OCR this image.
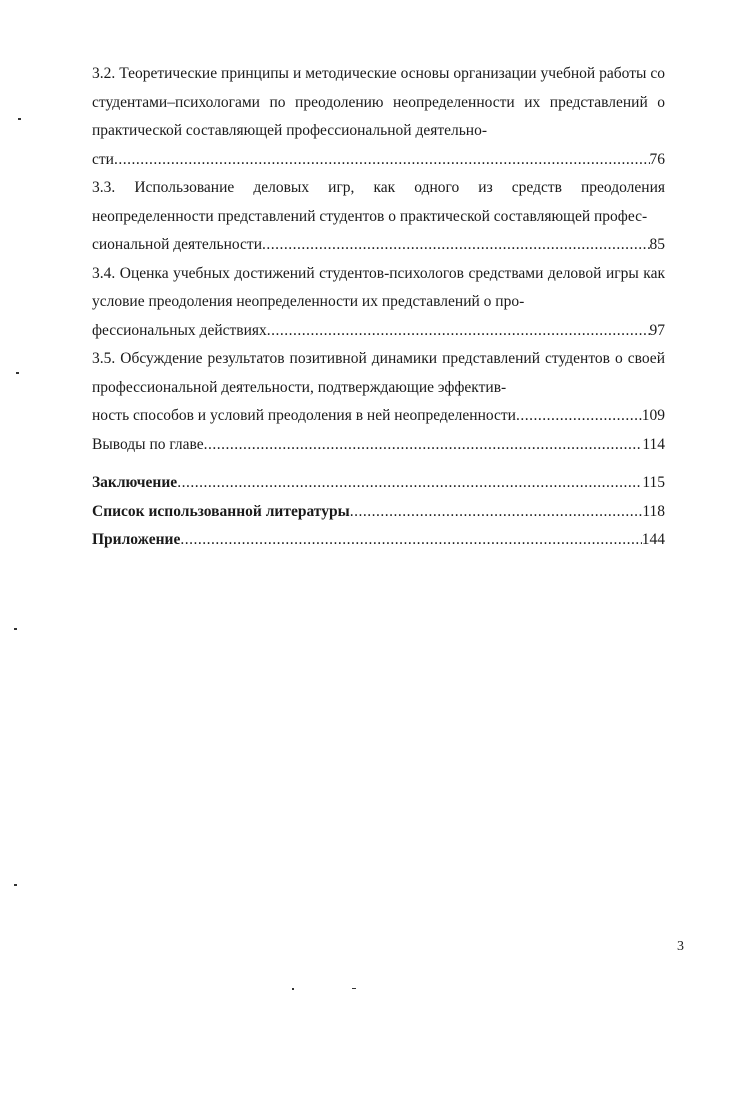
3.2. Теоретические принципы и методические основы организации учебной работы со студентами–психологами по преодолению неопределенности их представлений о практической составляющей профессиональной деятельно-
сти .....	76
3.3. Использование деловых игр, как одного из средств преодоления неопределенности представлений студентов о практической составляющей профес-
сиональной деятельности .....	85
3.4. Оценка учебных достижений студентов-психологов средствами деловой игры как условие преодоления неопределенности их представлений о про-
фессиональных действиях .....	97
3.5. Обсуждение результатов позитивной динамики представлений студентов о своей профессиональной деятельности, подтверждающие эффектив-
ность способов и условий преодоления в ней неопределенности .....	109
Выводы по главе .....	114
Заключение .....	115
Список использованной литературы .....	118
Приложение .....	144
3
